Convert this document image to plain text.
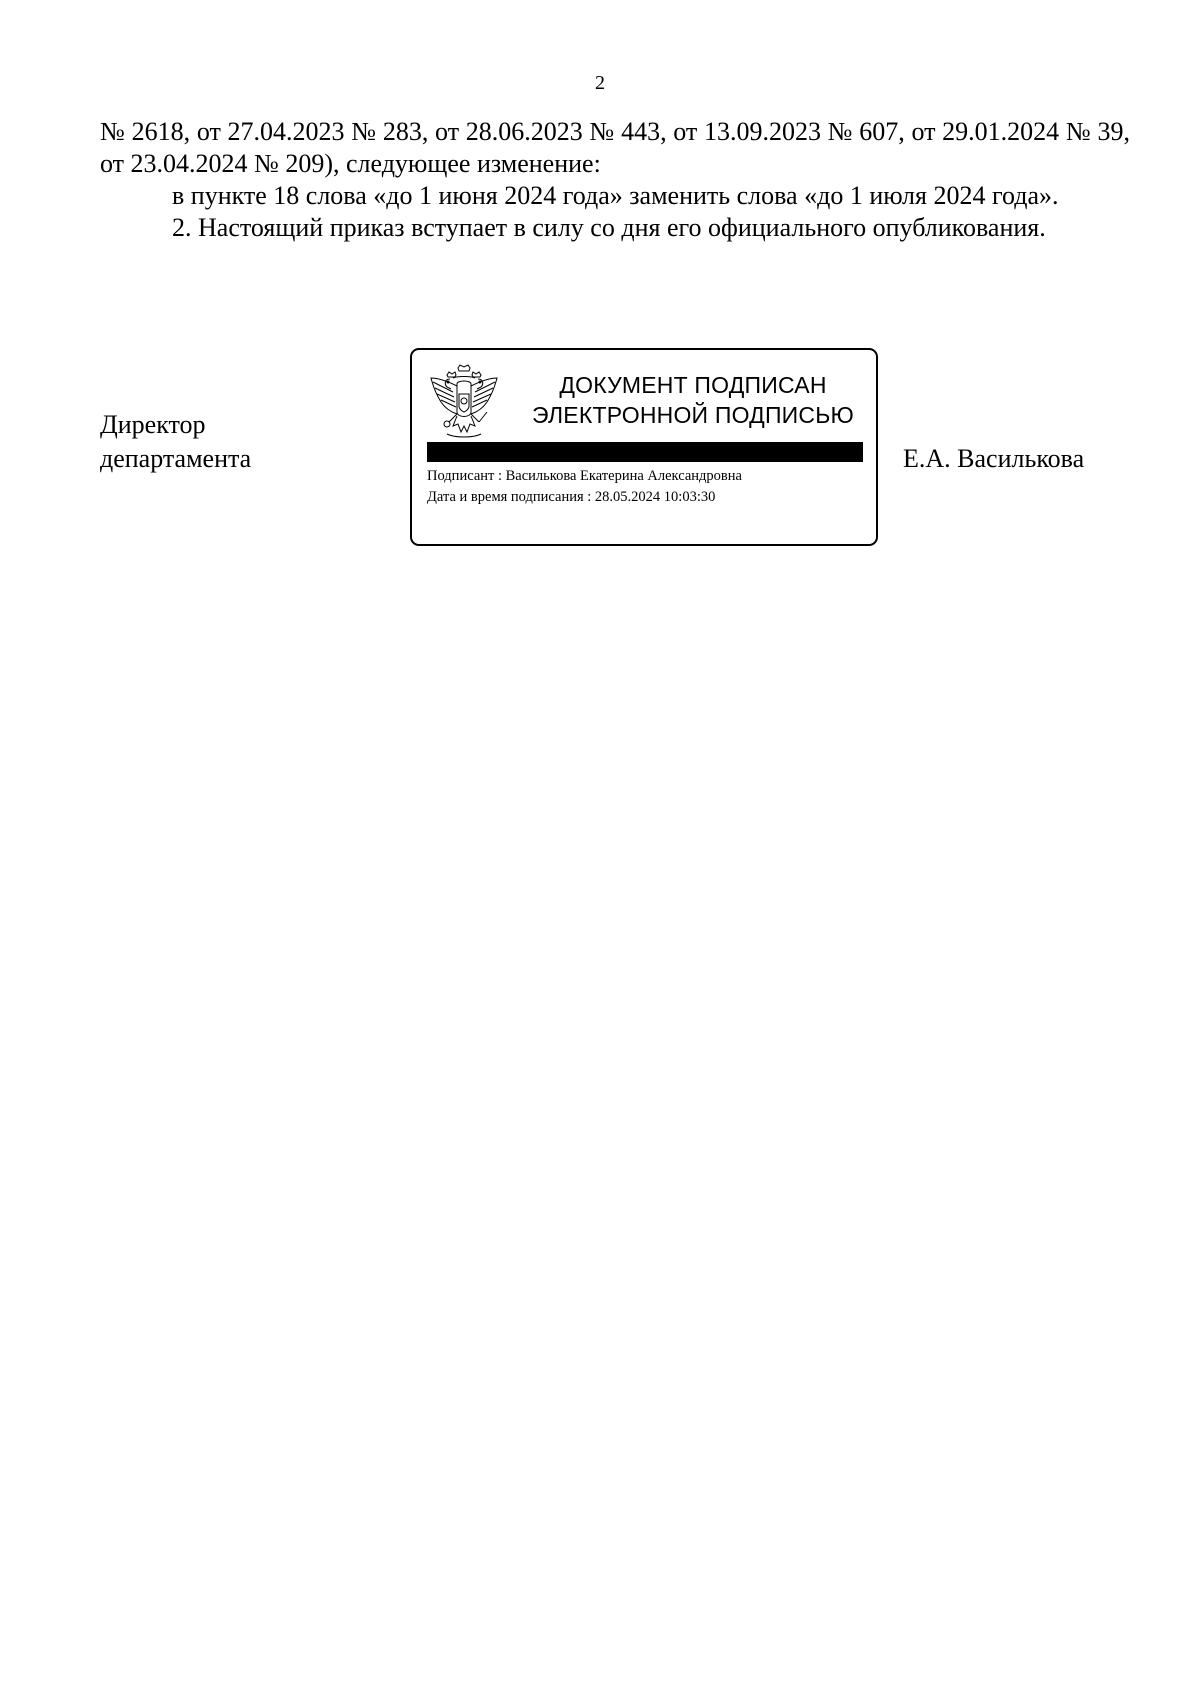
2

№ 2618, от 27.04.2023 № 283, от 28.06.2023 № 443, от 13.09.2023 № 607, от 29.01.2024 № 39, от 23.04.2024 № 209), следующее изменение:

в пункте 18 слова «до 1 июня 2024 года» заменить слова «до 1 июля 2024 года».

2. Настоящий приказ вступает в силу со дня его официального опубликования.

Директор
департамента
ДОКУМЕНТ ПОДПИСАН
ЭЛЕКТРОННОЙ ПОДПИСЬЮ
Подписант : Василькова Екатерина Александровна
Дата и время подписания : 28.05.2024 10:03:30
Е.А. Василькова
